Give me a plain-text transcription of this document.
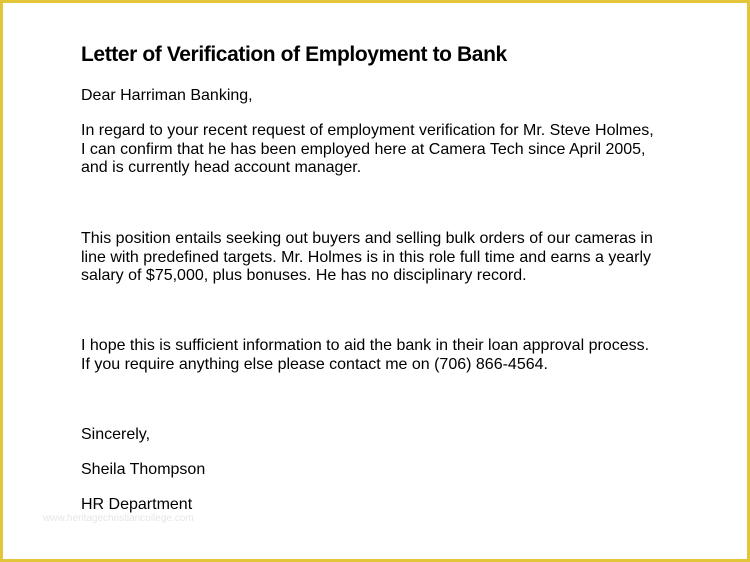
Letter of Verification of Employment to Bank

Dear Harriman Banking,

In regard to your recent request of employment verification for Mr. Steve Holmes,

I can confirm that he has been employed here at Camera Tech since April 2005,

and is currently head account manager.

This position entails seeking out buyers and selling bulk orders of our cameras in

line with predefined targets. Mr. Holmes is in this role full time and earns a yearly

salary of $75,000, plus bonuses. He has no disciplinary record.

I hope this is sufficient information to aid the bank in their loan approval process.

If you require anything else please contact me on (706) 866-4564.

Sincerely,

Sheila Thompson

HR Department

www.heritagechristiancollege.com
